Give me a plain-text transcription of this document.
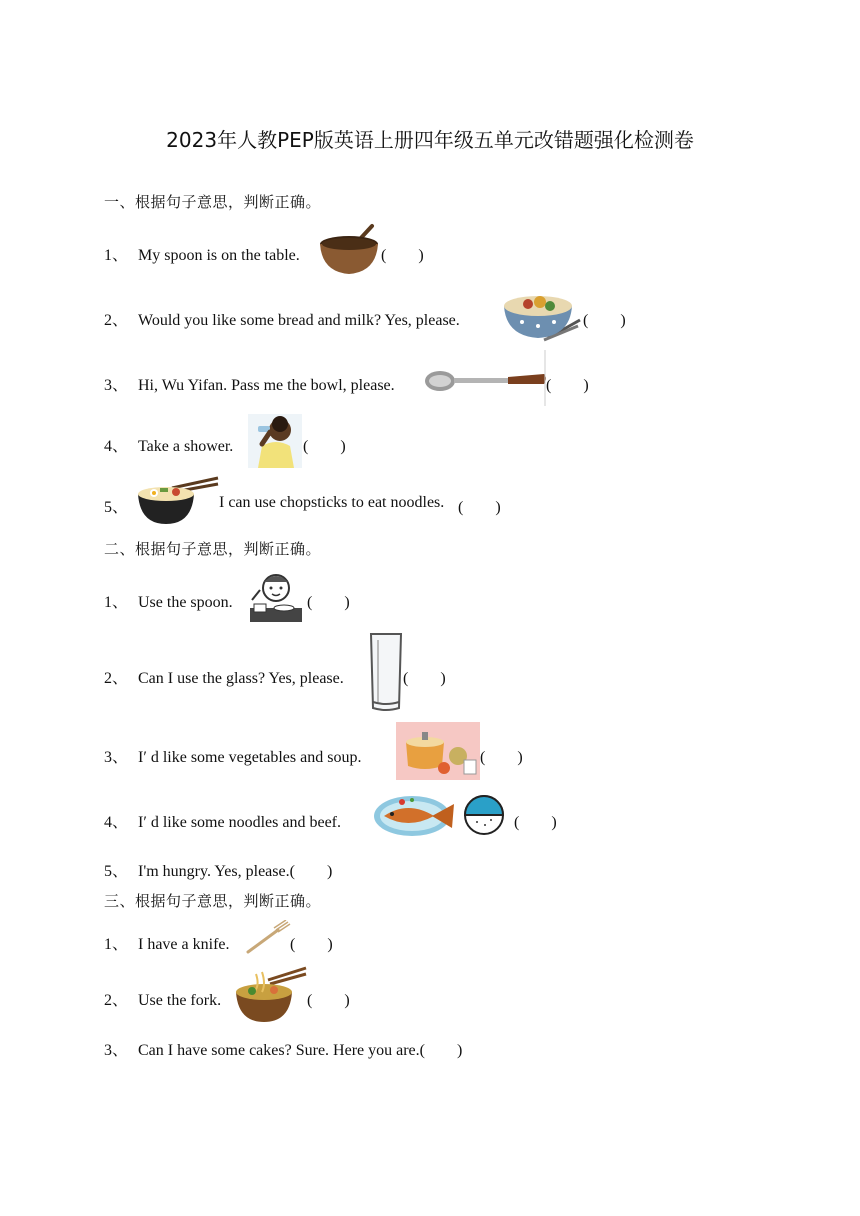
2023年人教PEP版英语上册四年级五单元改错题强化检测卷
一、根据句子意思，判断正确。
1、 My spoon is on the table.	(　　)
2、 Would you like some bread and milk? Yes, please.	(　　)
3、 Hi, Wu Yifan. Pass me the bowl, please.	(　　)
4、 Take a shower.	(　　)
5、	I can use chopsticks to eat noodles. (　　)
二、根据句子意思，判断正确。
1、 Use the spoon.	(　　)
2、 Can I use the glass? Yes, please.	(　　)
3、 I′ d like some vegetables and soup.	(　　)
4、 I′ d like some noodles and beef.	(　　)
5、 I'm hungry. Yes, please.(　　)
三、根据句子意思，判断正确。
1、 I have a knife.	(　　)
2、 Use the fork.	(　　)
3、 Can I have some cakes? Sure. Here you are.(　　)
